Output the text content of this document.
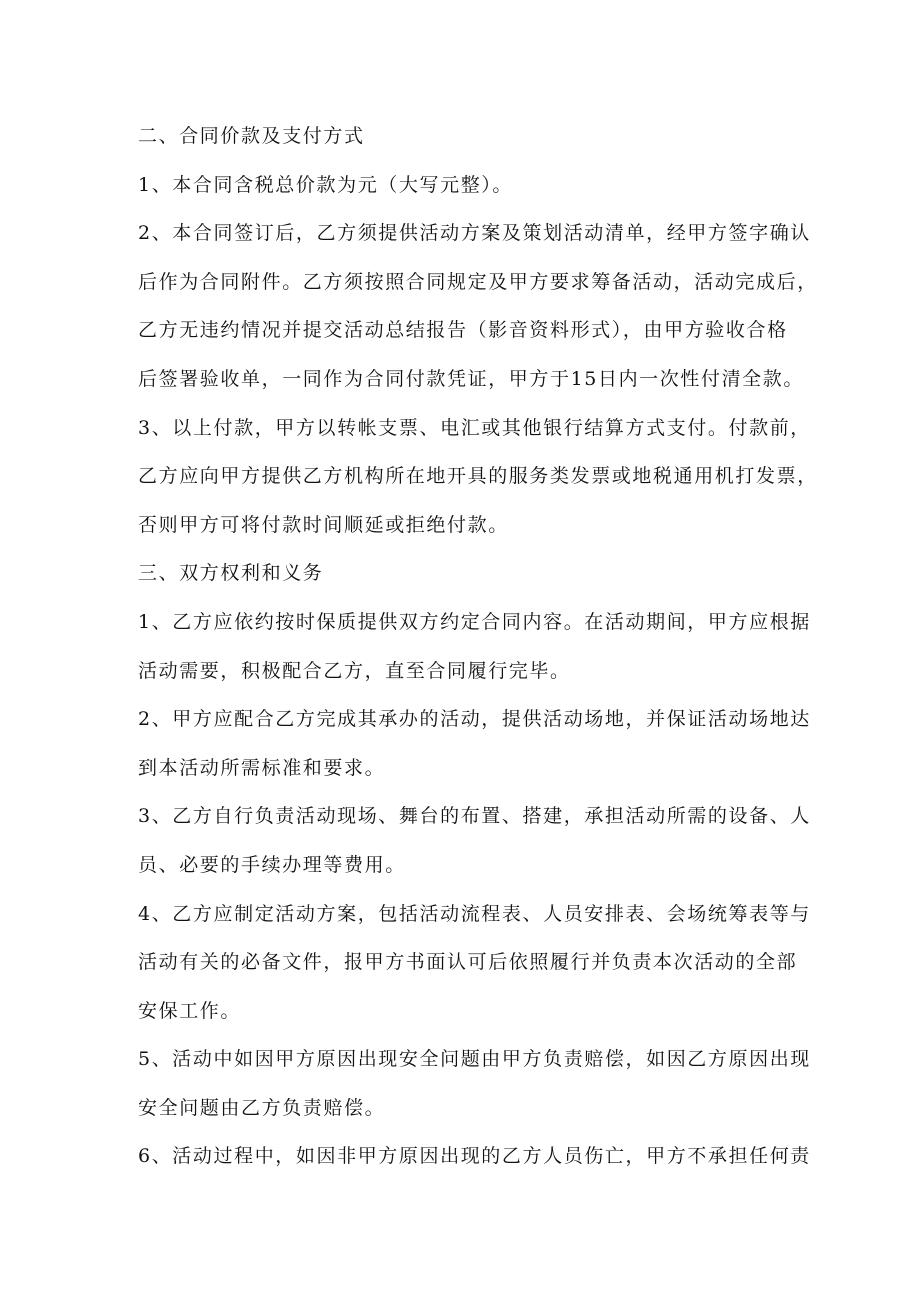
二、合同价款及支付方式
1、本合同含税总价款为元（大写元整）。
2、本合同签订后，乙方须提供活动方案及策划活动清单，经甲方签字确认
后作为合同附件。乙方须按照合同规定及甲方要求筹备活动，活动完成后，
乙方无违约情况并提交活动总结报告（影音资料形式），由甲方验收合格
后签署验收单，一同作为合同付款凭证，甲方于15日内一次性付清全款。
3、以上付款，甲方以转帐支票、电汇或其他银行结算方式支付。付款前，
乙方应向甲方提供乙方机构所在地开具的服务类发票或地税通用机打发票，
否则甲方可将付款时间顺延或拒绝付款。
三、双方权利和义务
1、乙方应依约按时保质提供双方约定合同内容。在活动期间，甲方应根据
活动需要，积极配合乙方，直至合同履行完毕。
2、甲方应配合乙方完成其承办的活动，提供活动场地，并保证活动场地达
到本活动所需标准和要求。
3、乙方自行负责活动现场、舞台的布置、搭建，承担活动所需的设备、人
员、必要的手续办理等费用。
4、乙方应制定活动方案，包括活动流程表、人员安排表、会场统筹表等与
活动有关的必备文件，报甲方书面认可后依照履行并负责本次活动的全部
安保工作。
5、活动中如因甲方原因出现安全问题由甲方负责赔偿，如因乙方原因出现
安全问题由乙方负责赔偿。
6、活动过程中，如因非甲方原因出现的乙方人员伤亡，甲方不承担任何责
